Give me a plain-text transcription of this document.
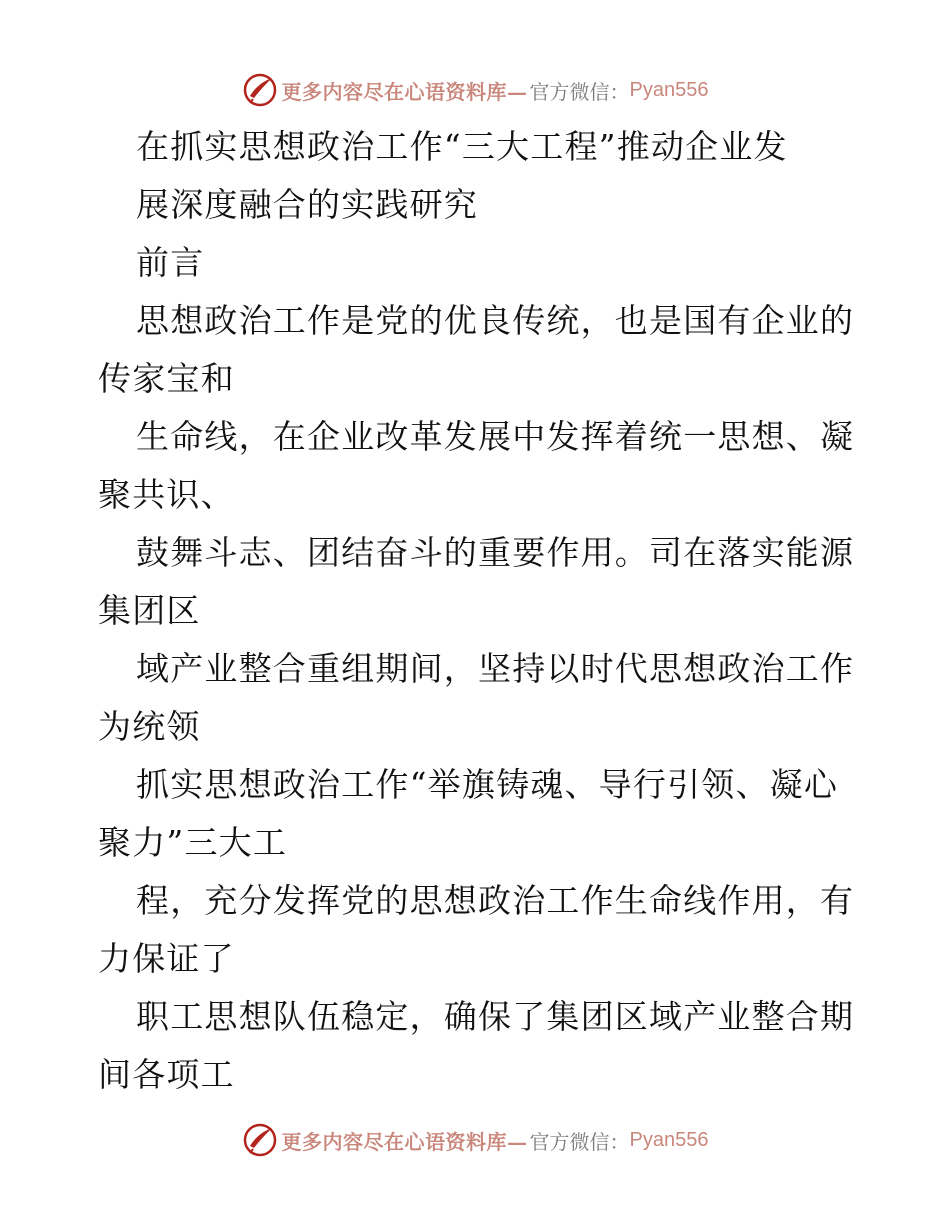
更多内容尽在心语资料库— 官方微信： Pyan556
在抓实思想政治工作“三大工程”推动企业发
展深度融合的实践研究
前言
思想政治工作是党的优良传统，也是国有企业的
传家宝和
生命线，在企业改革发展中发挥着统一思想、凝
聚共识、
鼓舞斗志、团结奋斗的重要作用。司在落实能源
集团区
域产业整合重组期间，坚持以时代思想政治工作
为统领
抓实思想政治工作“举旗铸魂、导行引领、凝心
聚力”三大工
程，充分发挥党的思想政治工作生命线作用，有
力保证了
职工思想队伍稳定，确保了集团区域产业整合期
间各项工
更多内容尽在心语资料库— 官方微信： Pyan556
